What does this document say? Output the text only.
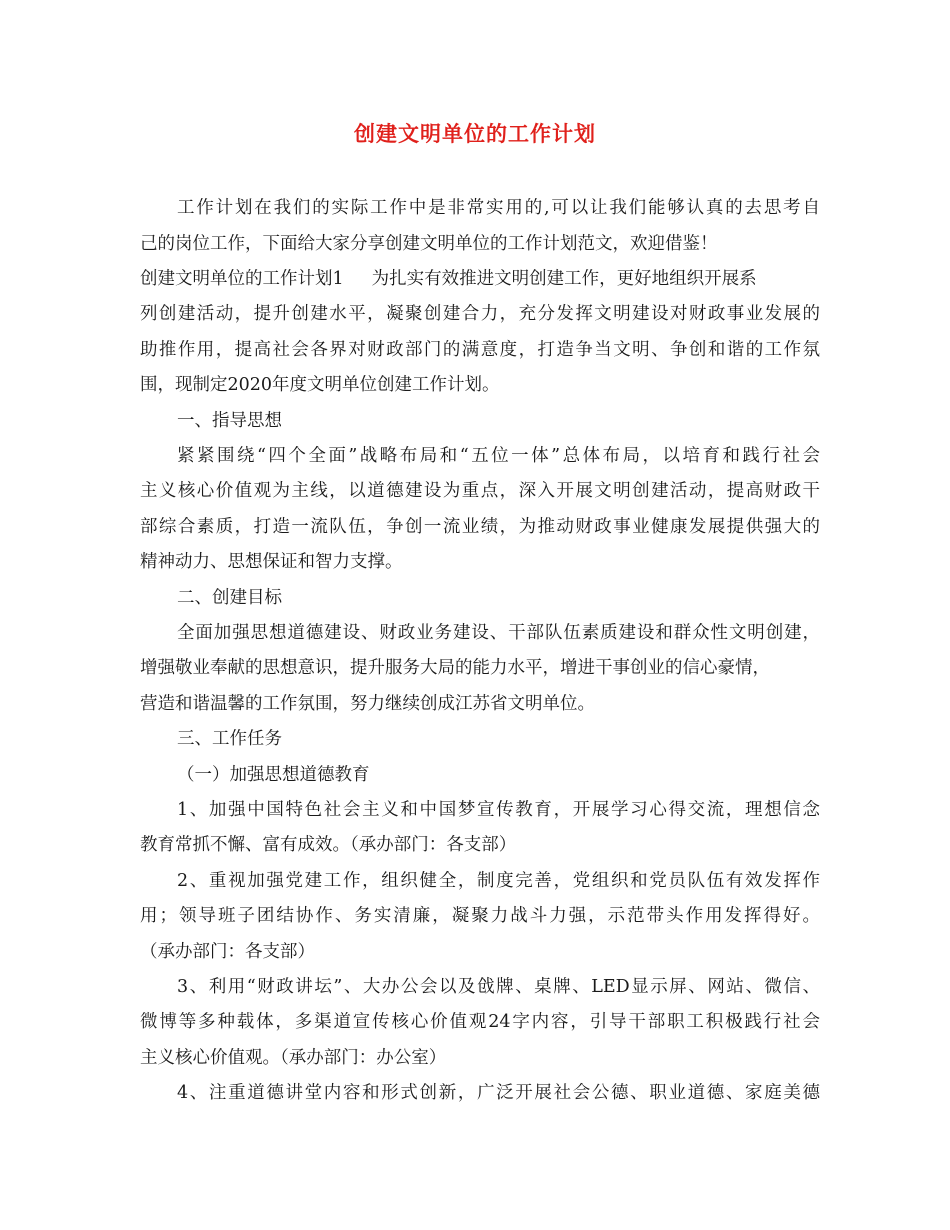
创建文明单位的工作计划
工作计划在我们的实际工作中是非常实用的,可以让我们能够认真的去思考自
己的岗位工作，下面给大家分享创建文明单位的工作计划范文，欢迎借鉴！
创建文明单位的工作计划1 为扎实有效推进文明创建工作，更好地组织开展系
列创建活动，提升创建水平，凝聚创建合力，充分发挥文明建设对财政事业发展的
助推作用，提高社会各界对财政部门的满意度，打造争当文明、争创和谐的工作氛
围，现制定2020年度文明单位创建工作计划。
一、指导思想
紧紧围绕“四个全面”战略布局和“五位一体”总体布局，以培育和践行社会
主义核心价值观为主线，以道德建设为重点，深入开展文明创建活动，提高财政干
部综合素质，打造一流队伍，争创一流业绩，为推动财政事业健康发展提供强大的
精神动力、思想保证和智力支撑。
二、创建目标
全面加强思想道德建设、财政业务建设、干部队伍素质建设和群众性文明创建，
增强敬业奉献的思想意识，提升服务大局的能力水平，增进干事创业的信心豪情，
营造和谐温馨的工作氛围，努力继续创成江苏省文明单位。
三、工作任务
（一）加强思想道德教育
1、加强中国特色社会主义和中国梦宣传教育，开展学习心得交流，理想信念
教育常抓不懈、富有成效。（承办部门：各支部）
2、重视加强党建工作，组织健全，制度完善，党组织和党员队伍有效发挥作
用；领导班子团结协作、务实清廉，凝聚力战斗力强，示范带头作用发挥得好。
（承办部门：各支部）
3、利用“财政讲坛”、大办公会以及戗牌、桌牌、LED显示屏、网站、微信、
微博等多种载体，多渠道宣传核心价值观24字内容，引导干部职工积极践行社会
主义核心价值观。（承办部门：办公室）
4、注重道德讲堂内容和形式创新，广泛开展社会公德、职业道德、家庭美德
